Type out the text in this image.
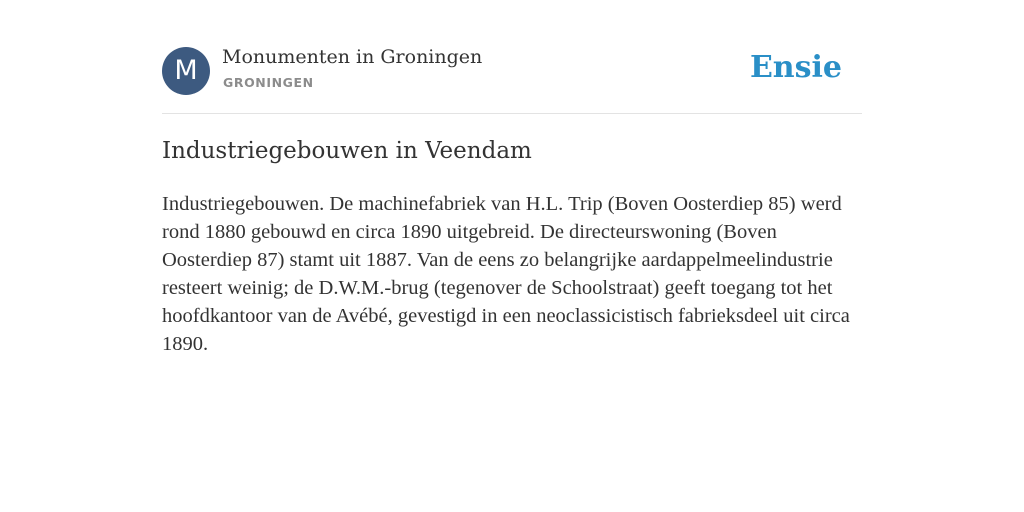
M	Monumenten in Groningen
GRONINGEN	Ensie
Industriegebouwen in Veendam

Industriegebouwen. De machinefabriek van H.L. Trip (Boven Oosterdiep 85) werd rond 1880 gebouwd en circa 1890 uitgebreid. De directeurswoning (Boven Oosterdiep 87) stamt uit 1887. Van de eens zo belangrijke aardappelmeelindustrie resteert weinig; de D.W.M.-brug (tegenover de Schoolstraat) geeft toegang tot het hoofdkantoor van de Avébé, gevestigd in een neoclassicistisch fabrieksdeel uit circa 1890.
